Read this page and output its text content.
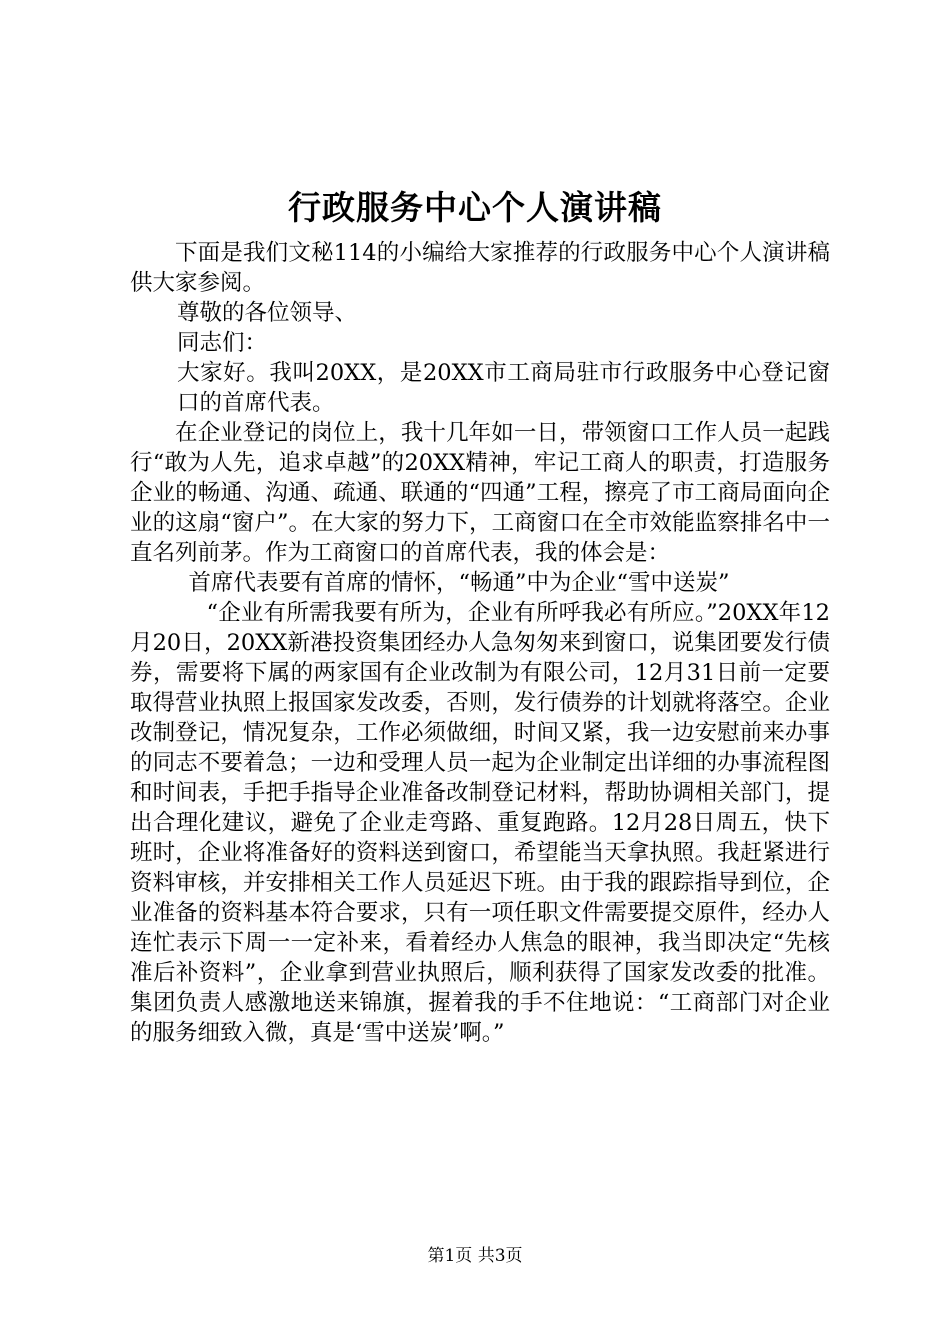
行政服务中心个人演讲稿

下面是我们文秘114的小编给大家推荐的行政服务中心个人演讲稿供大家参阅。

尊敬的各位领导、

同志们：

大家好。我叫20XX，是20XX市工商局驻市行政服务中心登记窗口的首席代表。

在企业登记的岗位上，我十几年如一日，带领窗口工作人员一起践行“敢为人先，追求卓越”的20XX精神，牢记工商人的职责，打造服务企业的畅通、沟通、疏通、联通的“四通”工程，擦亮了市工商局面向企业的这扇“窗户”。在大家的努力下，工商窗口在全市效能监察排名中一直名列前茅。作为工商窗口的首席代表，我的体会是：

首席代表要有首席的情怀，“畅通”中为企业“雪中送炭”

“企业有所需我要有所为，企业有所呼我必有所应。”20XX年12月20日，20XX新港投资集团经办人急匆匆来到窗口，说集团要发行债券，需要将下属的两家国有企业改制为有限公司，12月31日前一定要取得营业执照上报国家发改委，否则，发行债券的计划就将落空。企业改制登记，情况复杂，工作必须做细，时间又紧，我一边安慰前来办事的同志不要着急；一边和受理人员一起为企业制定出详细的办事流程图和时间表，手把手指导企业准备改制登记材料，帮助协调相关部门，提出合理化建议，避免了企业走弯路、重复跑路。12月28日周五，快下班时，企业将准备好的资料送到窗口，希望能当天拿执照。我赶紧进行资料审核，并安排相关工作人员延迟下班。由于我的跟踪指导到位，企业准备的资料基本符合要求，只有一项任职文件需要提交原件，经办人连忙表示下周一一定补来，看着经办人焦急的眼神，我当即决定“先核准后补资料”，企业拿到营业执照后，顺利获得了国家发改委的批准。集团负责人感激地送来锦旗，握着我的手不住地说：“工商部门对企业的服务细致入微，真是‘雪中送炭’啊。”

第1页 共3页
